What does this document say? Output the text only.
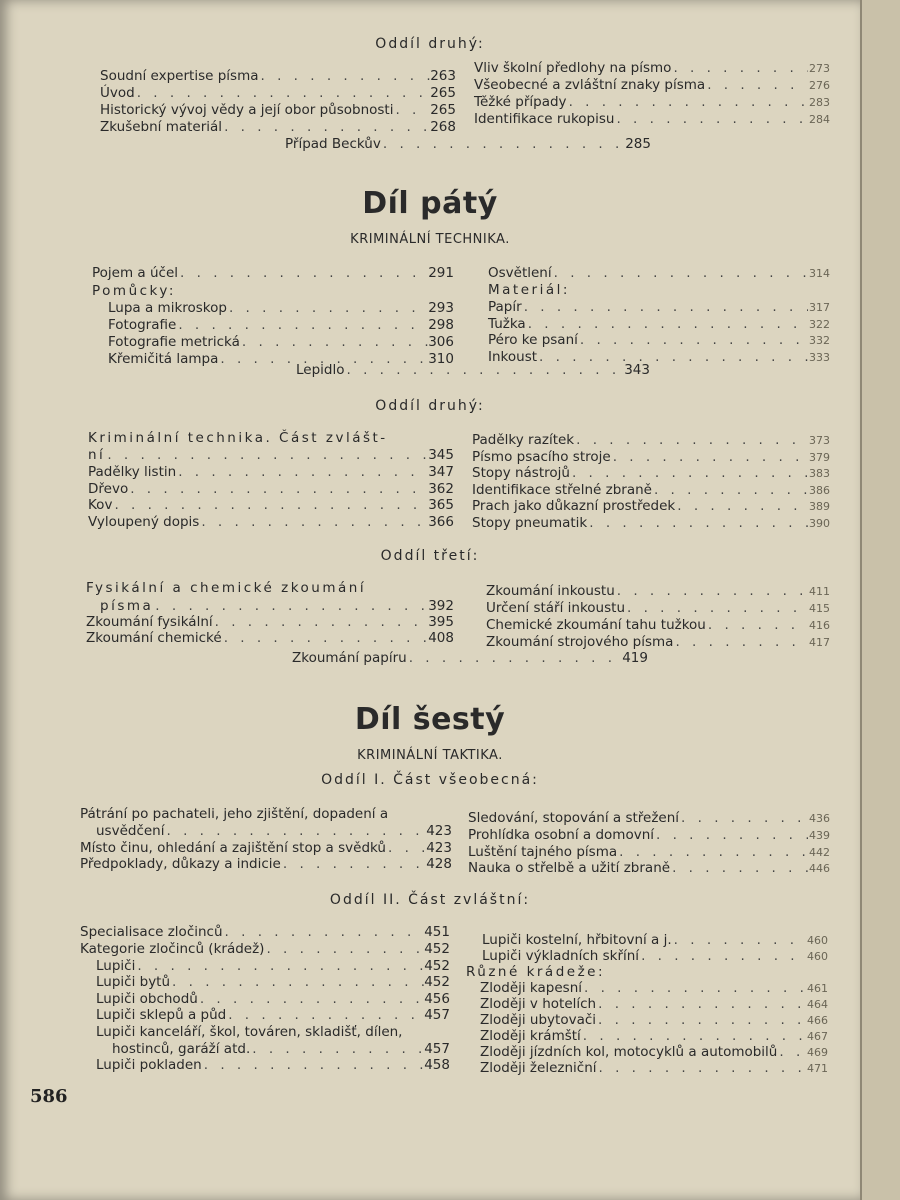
Oddíl druhý:
Soudní expertise písma . . .	263
Úvod . . .	265
Historický vývoj vědy a její obor působnosti . . .	265
Zkušební materiál . . .	268
Vliv školní předlohy na písmo . . .	273
Všeobecné a zvláštní znaky písma . . .	276
Těžké případy . . .	283
Identifikace rukopisu . . .	284
Případ Beckův . . .	285
Díl pátý
KRIMINÁLNÍ TECHNIKA.
Pojem a účel . . .	291
Pomůcky:
Lupa a mikroskop . . .	293
Fotografie . . .	298
Fotografie metrická . . .	306
Křemičitá lampa . . .	310
Osvětlení . . .	314
Materiál:
Papír . . .	317
Tužka . . .	322
Péro ke psaní . . .	332
Inkoust . . .	333
Lepidlo . . .	343
Oddíl druhý:
Kriminální technika. Část zvlášt-
ní . . .	345
Padělky listin . . .	347
Dřevo . . .	362
Kov . . .	365
Vyloupený dopis . . .	366
Padělky razítek . . .	373
Písmo psacího stroje . . .	379
Stopy nástrojů . . .	383
Identifikace střelné zbraně . . .	386
Prach jako důkazní prostředek . . .	389
Stopy pneumatik . . .	390
Oddíl třetí:
Fysikální a chemické zkoumání
písma . . .	392
Zkoumání fysikální . . .	395
Zkoumání chemické . . .	408
Zkoumání inkoustu . . .	411
Určení stáří inkoustu . . .	415
Chemické zkoumání tahu tužkou . . .	416
Zkoumání strojového písma . . .	417
Zkoumání papíru . . .	419
Díl šestý
KRIMINÁLNÍ TAKTIKA.
Oddíl I. Část všeobecná:
Pátrání po pachateli, jeho zjištění, dopadení a
usvědčení . . .	423
Místo činu, ohledání a zajištění stop a svědků . . .	423
Předpoklady, důkazy a indicie . . .	428
Sledování, stopování a střežení . . .	436
Prohlídka osobní a domovní . . .	439
Luštění tajného písma . . .	442
Nauka o střelbě a užití zbraně . . .	446
Oddíl II. Část zvláštní:
Specialisace zločinců . . .	451
Kategorie zločinců (krádež) . . .	452
Lupiči . . .	452
Lupiči bytů . . .	452
Lupiči obchodů . . .	456
Lupiči sklepů a půd . . .	457
Lupiči kanceláří, škol, továren, skladišť, dílen,
hostinců, garáží atd. . . .	457
Lupiči pokladen . . .	458
Lupiči kostelní, hřbitovní a j. . . .	460
Lupiči výkladních skříní . . .	460
Různé krádeže:
Zloději kapesní . . .	461
Zloději v hotelích . . .	464
Zloději ubytovači . . .	466
Zloději krámští . . .	467
Zloději jízdních kol, motocyklů a automobilů . . .	469
Zloději železniční . . .	471
586
